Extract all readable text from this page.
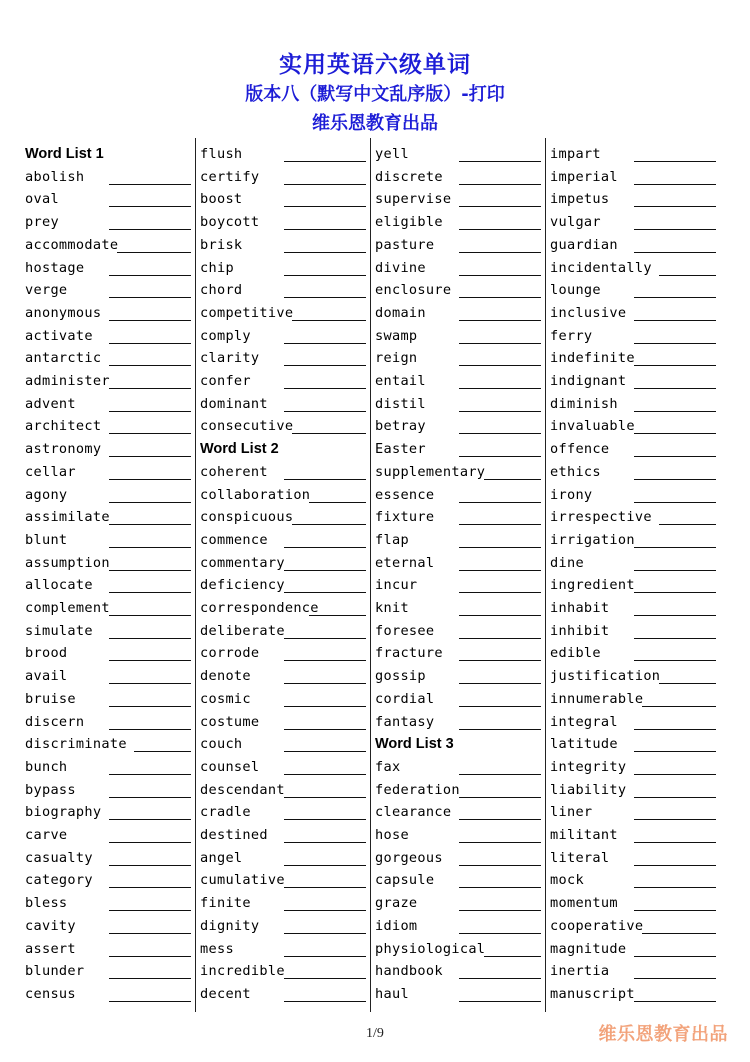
实用英语六级单词
版本八（默写中文乱序版）-打印
维乐恩教育出品
Word List 1
abolish
oval
prey
accommodate
hostage
verge
anonymous
activate
antarctic
administer
advent
architect
astronomy
cellar
agony
assimilate
blunt
assumption
allocate
complement
simulate
brood
avail
bruise
discern
discriminate
bunch
bypass
biography
carve
casualty
category
bless
cavity
assert
blunder
census
flush
certify
boost
boycott
brisk
chip
chord
competitive
comply
clarity
confer
dominant
consecutive
Word List 2
coherent
collaboration
conspicuous
commence
commentary
deficiency
correspondence
deliberate
corrode
denote
cosmic
costume
couch
counsel
descendant
cradle
destined
angel
cumulative
finite
dignity
mess
incredible
decent
yell
discrete
supervise
eligible
pasture
divine
enclosure
domain
swamp
reign
entail
distil
betray
Easter
supplementary
essence
fixture
flap
eternal
incur
knit
foresee
fracture
gossip
cordial
fantasy
Word List 3
fax
federation
clearance
hose
gorgeous
capsule
graze
idiom
physiological
handbook
haul
impart
imperial
impetus
vulgar
guardian
incidentally
lounge
inclusive
ferry
indefinite
indignant
diminish
invaluable
offence
ethics
irony
irrespective
irrigation
dine
ingredient
inhabit
inhibit
edible
justification
innumerable
integral
latitude
integrity
liability
liner
militant
literal
mock
momentum
cooperative
magnitude
inertia
manuscript
1/9	维乐恩教育出品
